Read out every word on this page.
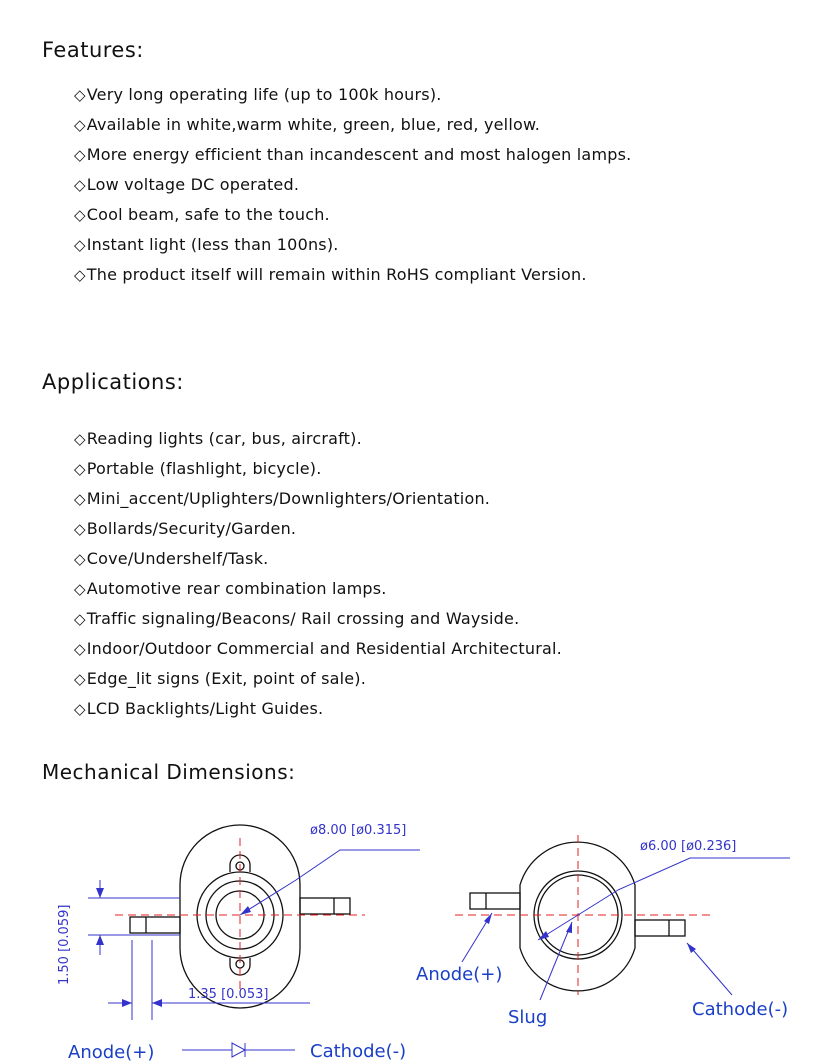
Features:
◇Very long operating life (up to 100k hours).
◇Available in white,warm white, green, blue, red, yellow.
◇More energy efficient than incandescent and most halogen lamps.
◇Low voltage DC operated.
◇Cool beam, safe to the touch.
◇Instant light (less than 100ns).
◇The product itself will remain within RoHS compliant Version.
Applications:
◇Reading lights (car, bus, aircraft).
◇Portable (flashlight, bicycle).
◇Mini_accent/Uplighters/Downlighters/Orientation.
◇Bollards/Security/Garden.
◇Cove/Undershelf/Task.
◇Automotive rear combination lamps.
◇Traffic signaling/Beacons/ Rail crossing and Wayside.
◇Indoor/Outdoor Commercial and Residential Architectural.
◇Edge_lit signs (Exit, point of sale).
◇LCD Backlights/Light Guides.
Mechanical Dimensions:
ø8.00 [ø0.315]
ø6.00 [ø0.236]
1.50 [0.059]
1.35 [0.053]
Anode(+)
Slug	Cathode(-)
Anode(+)	Cathode(-)
